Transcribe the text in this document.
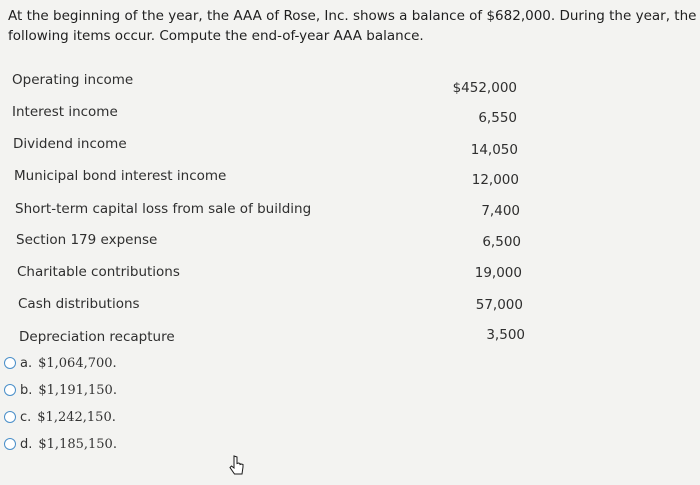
At the beginning of the year, the AAA of Rose, Inc. shows a balance of $682,000. During the year, the following items occur. Compute the end-of-year AAA balance.
Operating income	$452,000
Interest income	6,550
Dividend income	14,050
Municipal bond interest income	12,000
Short-term capital loss from sale of building	7,400
Section 179 expense	6,500
Charitable contributions	19,000
Cash distributions	57,000
Depreciation recapture	3,500
a. $1,064,700.
b. $1,191,150.
c. $1,242,150.
d. $1,185,150.
